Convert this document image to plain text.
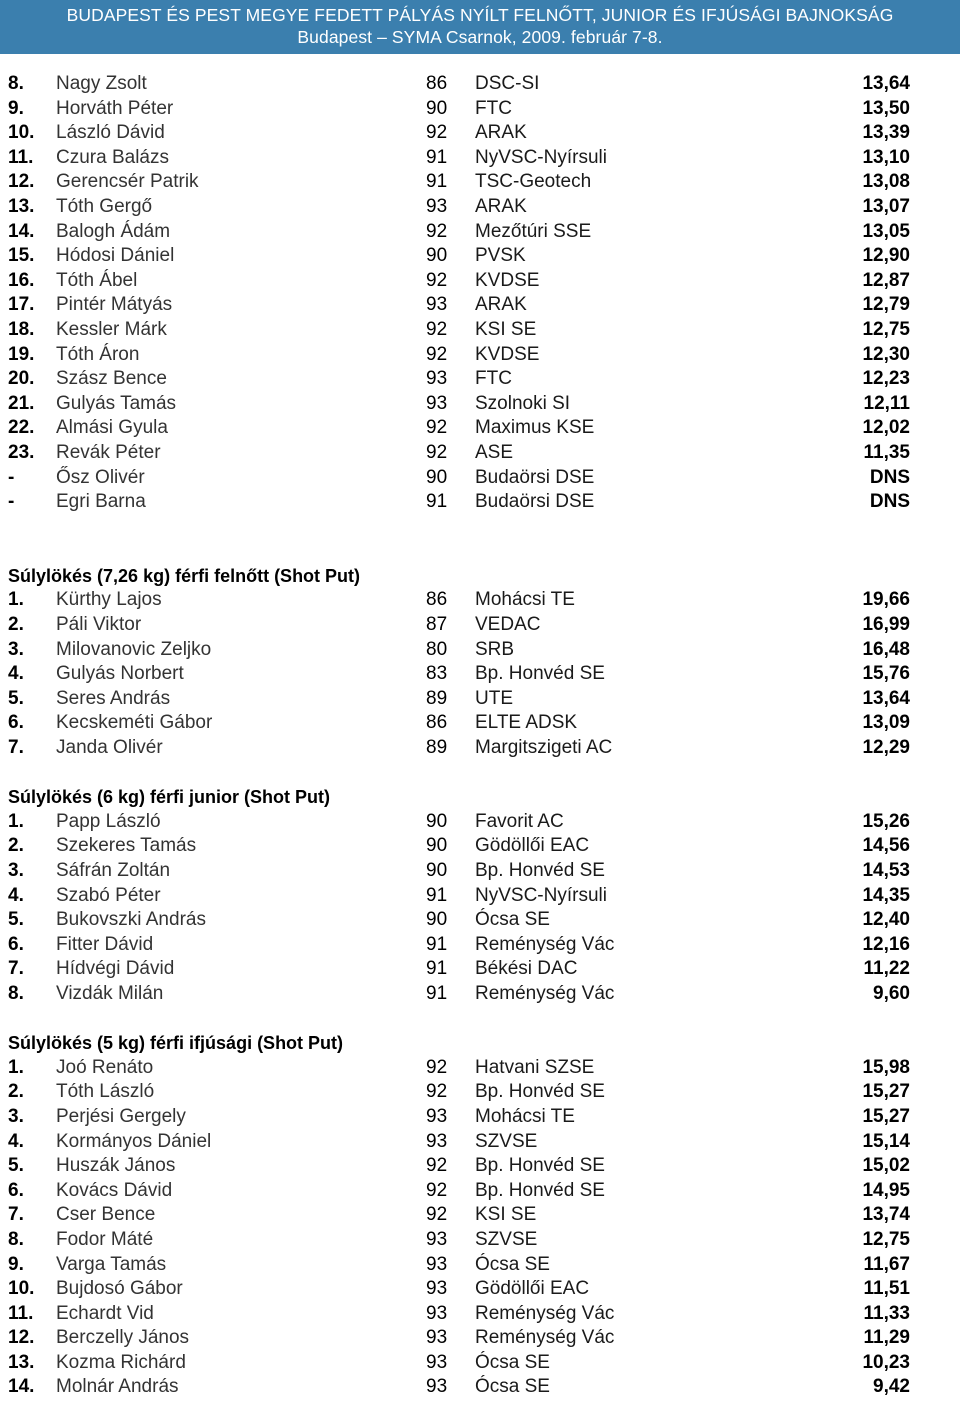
BUDAPEST ÉS PEST MEGYE FEDETT PÁLYÁS NYÍLT FELNŐTT, JUNIOR ÉS IFJÚSÁGI BAJNOKSÁG
Budapest – SYMA Csarnok, 2009. február 7-8.
8. Nagy Zsolt	86 DSC-SI	13,64
9. Horváth Péter	90 FTC	13,50
10. László Dávid	92 ARAK	13,39
11. Czura Balázs	91 NyVSC-Nyírsuli	13,10
12. Gerencsér Patrik	91 TSC-Geotech	13,08
13. Tóth Gergő	93 ARAK	13,07
14. Balogh Ádám	92 Mezőtúri SSE	13,05
15. Hódosi Dániel	90 PVSK	12,90
16. Tóth Ábel	92 KVDSE	12,87
17. Pintér Mátyás	93 ARAK	12,79
18. Kessler Márk	92 KSI SE	12,75
19. Tóth Áron	92 KVDSE	12,30
20. Szász Bence	93 FTC	12,23
21. Gulyás Tamás	93 Szolnoki SI	12,11
22. Almási Gyula	92 Maximus KSE	12,02
23. Revák Péter	92 ASE	11,35
- Ősz Olivér	90 Budaörsi DSE	DNS
- Egri Barna	91 Budaörsi DSE	DNS
Súlylökés (7,26 kg) férfi felnőtt (Shot Put)
1. Kürthy Lajos	86 Mohácsi TE	19,66
2. Páli Viktor	87 VEDAC	16,99
3. Milovanovic Zeljko	80 SRB	16,48
4. Gulyás Norbert	83 Bp. Honvéd SE	15,76
5. Seres András	89 UTE	13,64
6. Kecskeméti Gábor	86 ELTE ADSK	13,09
7. Janda Olivér	89 Margitszigeti AC	12,29
Súlylökés (6 kg) férfi junior (Shot Put)
1. Papp László	90 Favorit AC	15,26
2. Szekeres Tamás	90 Gödöllői EAC	14,56
3. Sáfrán Zoltán	90 Bp. Honvéd SE	14,53
4. Szabó Péter	91 NyVSC-Nyírsuli	14,35
5. Bukovszki András	90 Ócsa SE	12,40
6. Fitter Dávid	91 Reménység Vác	12,16
7. Hídvégi Dávid	91 Békési DAC	11,22
8. Vizdák Milán	91 Reménység Vác	9,60
Súlylökés (5 kg) férfi ifjúsági (Shot Put)
1. Joó Renáto	92 Hatvani SZSE	15,98
2. Tóth László	92 Bp. Honvéd SE	15,27
3. Perjési Gergely	93 Mohácsi TE	15,27
4. Kormányos Dániel	93 SZVSE	15,14
5. Huszák János	92 Bp. Honvéd SE	15,02
6. Kovács Dávid	92 Bp. Honvéd SE	14,95
7. Cser Bence	92 KSI SE	13,74
8. Fodor Máté	93 SZVSE	12,75
9. Varga Tamás	93 Ócsa SE	11,67
10. Bujdosó Gábor	93 Gödöllői EAC	11,51
11. Echardt Vid	93 Reménység Vác	11,33
12. Berczelly János	93 Reménység Vác	11,29
13. Kozma Richárd	93 Ócsa SE	10,23
14. Molnár András	93 Ócsa SE	9,42
